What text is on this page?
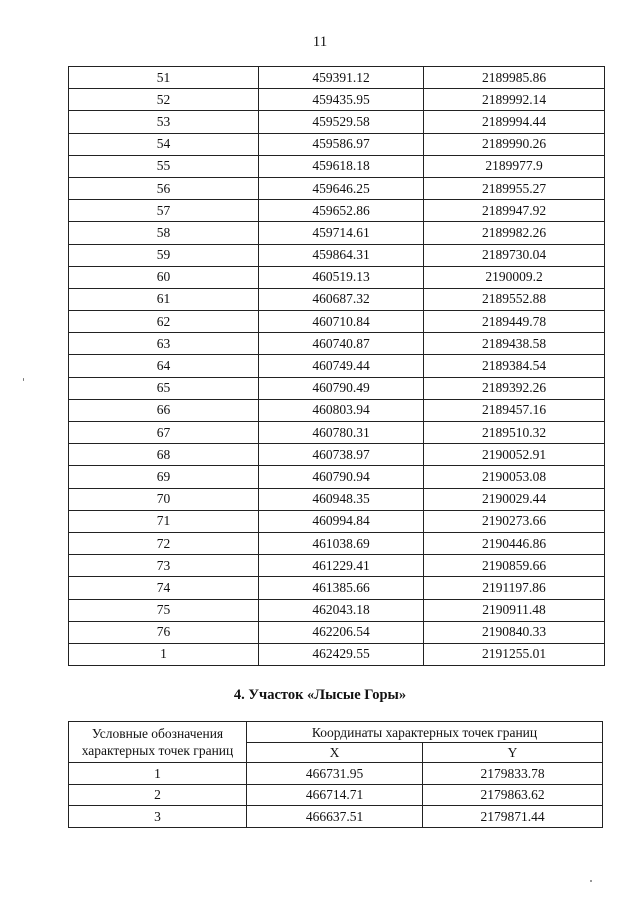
11
51	459391.12	2189985.86
52	459435.95	2189992.14
53	459529.58	2189994.44
54	459586.97	2189990.26
55	459618.18	2189977.9
56	459646.25	2189955.27
57	459652.86	2189947.92
58	459714.61	2189982.26
59	459864.31	2189730.04
60	460519.13	2190009.2
61	460687.32	2189552.88
62	460710.84	2189449.78
63	460740.87	2189438.58
64	460749.44	2189384.54
65	460790.49	2189392.26
66	460803.94	2189457.16
67	460780.31	2189510.32
68	460738.97	2190052.91
69	460790.94	2190053.08
70	460948.35	2190029.44
71	460994.84	2190273.66
72	461038.69	2190446.86
73	461229.41	2190859.66
74	461385.66	2191197.86
75	462043.18	2190911.48
76	462206.54	2190840.33
1	462429.55	2191255.01
4. Участок «Лысые Горы»
Условные обозначения характерных точек границ	Координаты характерных точек границ	
	X	Y
1	466731.95	2179833.78
2	466714.71	2179863.62
3	466637.51	2179871.44
